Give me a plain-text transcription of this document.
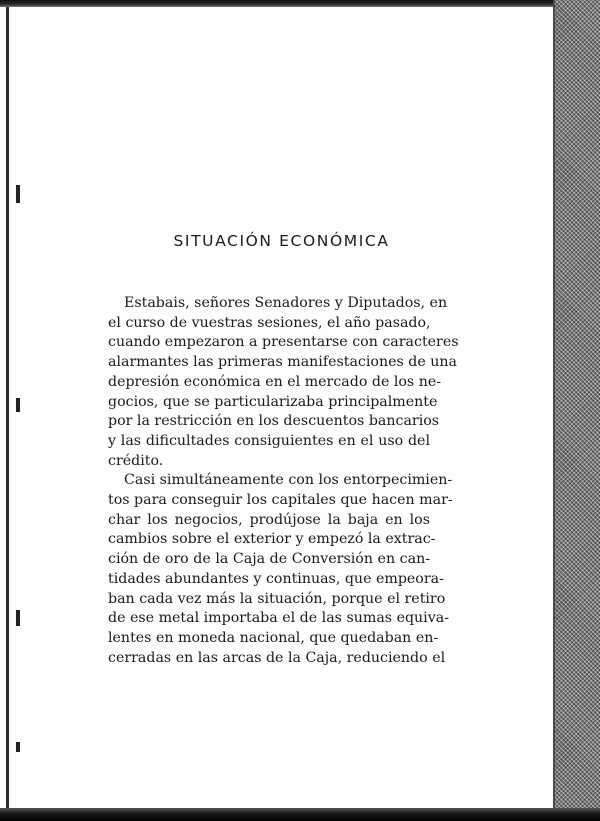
SITUACIÓN ECONÓMICA
Estabais, señores Senadores y Diputados, en
el curso de vuestras sesiones, el año pasado,
cuando empezaron a presentarse con caracteres
alarmantes las primeras manifestaciones de una
depresión económica en el mercado de los ne-
gocios, que se particularizaba principalmente
por la restricción en los descuentos bancarios
y las dificultades consiguientes en el uso del
crédito.
Casi simultáneamente con los entorpecimien-
tos para conseguir los capitales que hacen mar-
char los negocios, prodújose la baja en los
cambios sobre el exterior y empezó la extrac-
ción de oro de la Caja de Conversión en can-
tidades abundantes y continuas, que empeora-
ban cada vez más la situación, porque el retiro
de ese metal importaba el de las sumas equiva-
lentes en moneda nacional, que quedaban en-
cerradas en las arcas de la Caja, reduciendo el
